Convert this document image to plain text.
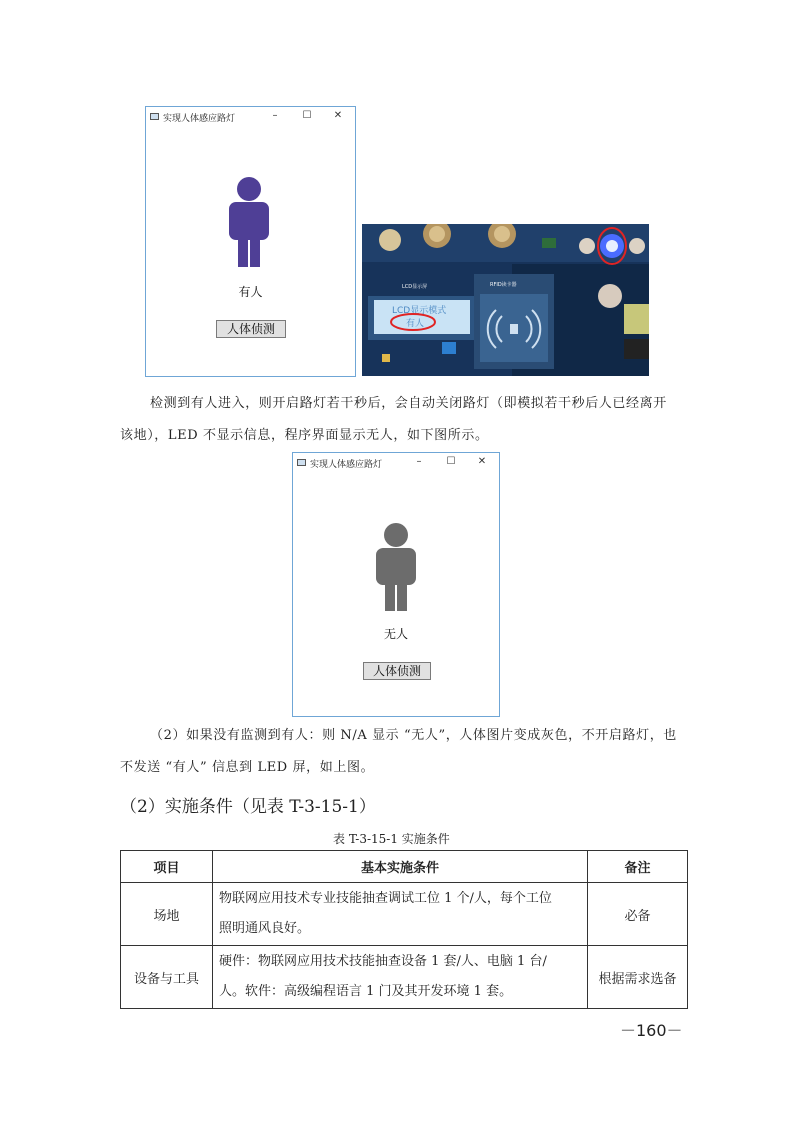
实现人体感应路灯	–	☐	✕
有人
人体侦测
LCD显示模式
有人
RFID读卡器
LCD显示屏
检测到有人进入，则开启路灯若干秒后，会自动关闭路灯（即模拟若干秒后人已经离开
该地），LED 不显示信息，程序界面显示无人，如下图所示。
实现人体感应路灯	–	☐	✕
无人
人体侦测
（2）如果没有监测到有人：则 N/A 显示 “无人”，人体图片变成灰色，不开启路灯，也
不发送 “有人” 信息到 LED 屏，如上图。
（2）实施条件（见表 T-3-15-1）
表 T-3-15-1 实施条件
项目	基本实施条件	备注
场地	物联网应用技术专业技能抽查调试工位 1 个/人，每个工位
照明通风良好。	必备
设备与工具	硬件：物联网应用技术技能抽查设备 1 套/人、电脑 1 台/
人。软件：高级编程语言 1 门及其开发环境 1 套。	根据需求选备
－160－
